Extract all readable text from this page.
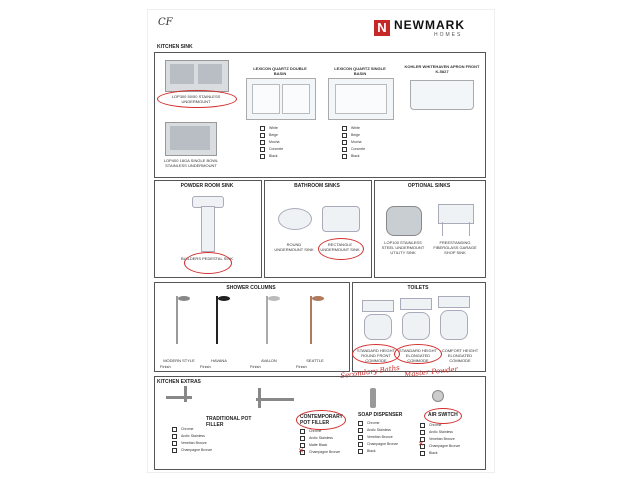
CF	N NEWMARK
HOMES
KITCHEN SINK
LOP300 50/50 STAINLESS UNDERMOUNT
LOP400 18GA SINGLE BOWL STAINLESS UNDERMOUNT
LEXICON QUARTZ DOUBLE BASIN
White
Beige
Mocha
Concrete
Black
LEXICON QUARTZ SINGLE BASIN
White
Beige
Mocha
Concrete
Black
KOHLER WHITEHAVEN APRON FRONT K-5827
POWDER ROOM SINK
BUILDERS PEDESTAL SINK
BATHROOM SINKS
ROUND UNDERMOUNT SINK
RECTANGLE UNDERMOUNT SINK
OPTIONAL SINKS
LOP100 STAINLESS STEEL UNDERMOUNT UTILITY SINK
FREESTANDING FIBERGLASS GARAGE SHOP SINK
SHOWER COLUMNS
MODERN STYLE	HAVANA	AVALON	SEATTLE
Finish	Finish	Finish	Finish
TOILETS
STANDARD HEIGHT ROUND FRONT COMMODE
STANDARD HEIGHT ELONGATED COMMODE
COMFORT HEIGHT ELONGATED COMMODE
Secondary Baths Master Powder
KITCHEN EXTRAS
TRADITIONAL POT FILLER
Chrome
Arctic Stainless
Venetian Bronze
Champagne Bronze
CONTEMPORARY POT FILLER
Chrome
Arctic Stainless
Matte Black
Champagne Bronze
✕
SOAP DISPENSER
Chrome
Arctic Stainless
Venetian Bronze
Champagne Bronze
Black
AIR SWITCH
Chrome
Arctic Stainless
Venetian Bronze
Champagne Bronze
Black
✕
